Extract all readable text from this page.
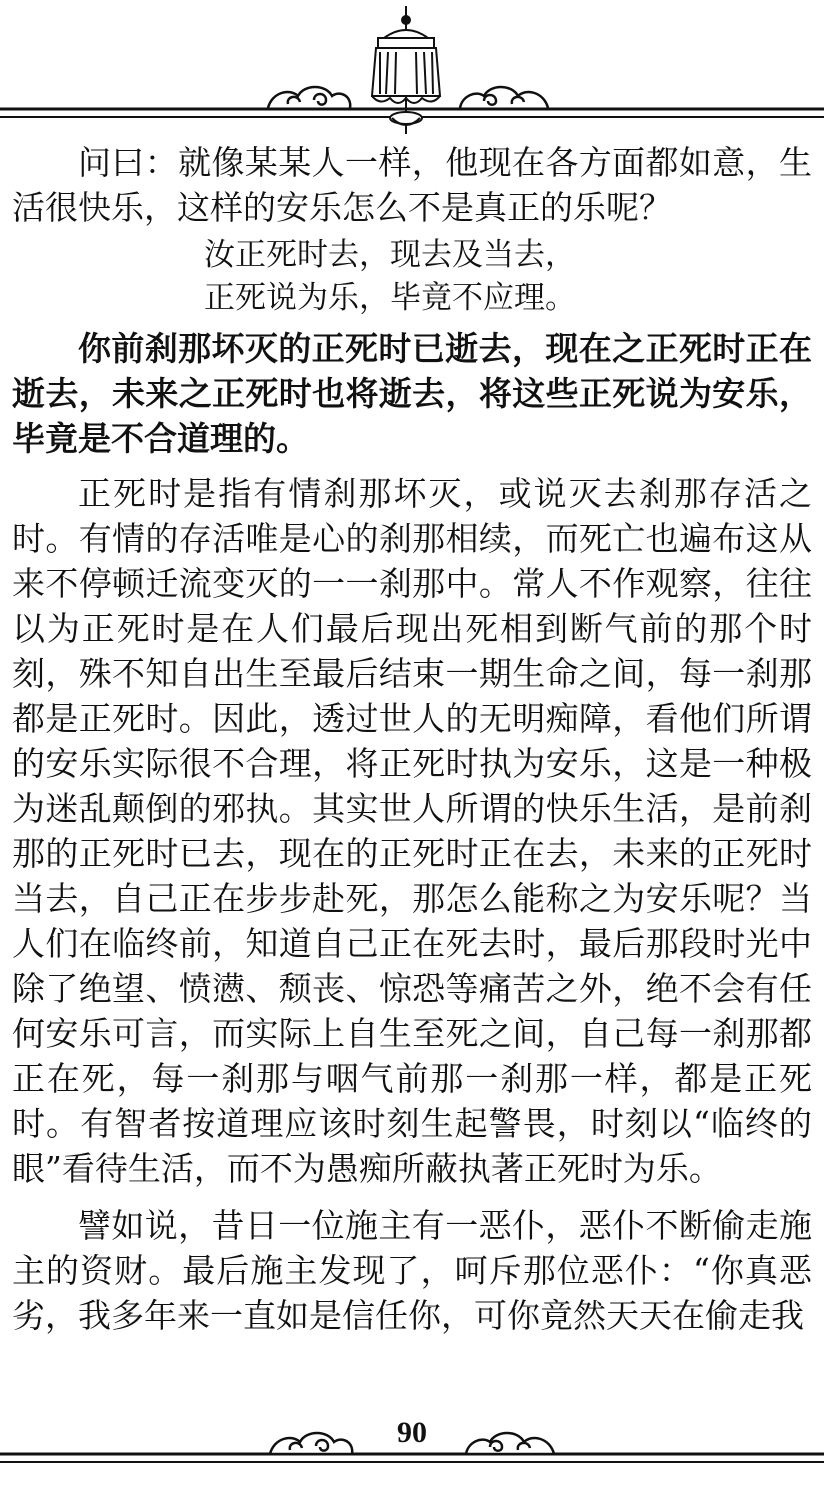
问曰：就像某某人一样，他现在各方面都如意，生活很快乐，这样的安乐怎么不是真正的乐呢？

汝正死时去，现去及当去，

正死说为乐，毕竟不应理。

你前刹那坏灭的正死时已逝去，现在之正死时正在逝去，未来之正死时也将逝去，将这些正死说为安乐，毕竟是不合道理的。

正死时是指有情刹那坏灭，或说灭去刹那存活之时。有情的存活唯是心的刹那相续，而死亡也遍布这从来不停顿迁流变灭的一一刹那中。常人不作观察，往往以为正死时是在人们最后现出死相到断气前的那个时刻，殊不知自出生至最后结束一期生命之间，每一刹那都是正死时。因此，透过世人的无明痴障，看他们所谓的安乐实际很不合理，将正死时执为安乐，这是一种极为迷乱颠倒的邪执。其实世人所谓的快乐生活，是前刹那的正死时已去，现在的正死时正在去，未来的正死时当去，自己正在步步赴死，那怎么能称之为安乐呢？当人们在临终前，知道自己正在死去时，最后那段时光中除了绝望、愤懑、颓丧、惊恐等痛苦之外，绝不会有任何安乐可言，而实际上自生至死之间，自己每一刹那都正在死，每一刹那与咽气前那一刹那一样，都是正死时。有智者按道理应该时刻生起警畏，时刻以“临终的眼”看待生活，而不为愚痴所蔽执著正死时为乐。

譬如说，昔日一位施主有一恶仆，恶仆不断偷走施主的资财。最后施主发现了，呵斥那位恶仆：“你真恶劣，我多年来一直如是信任你，可你竟然天天在偷走我

90
